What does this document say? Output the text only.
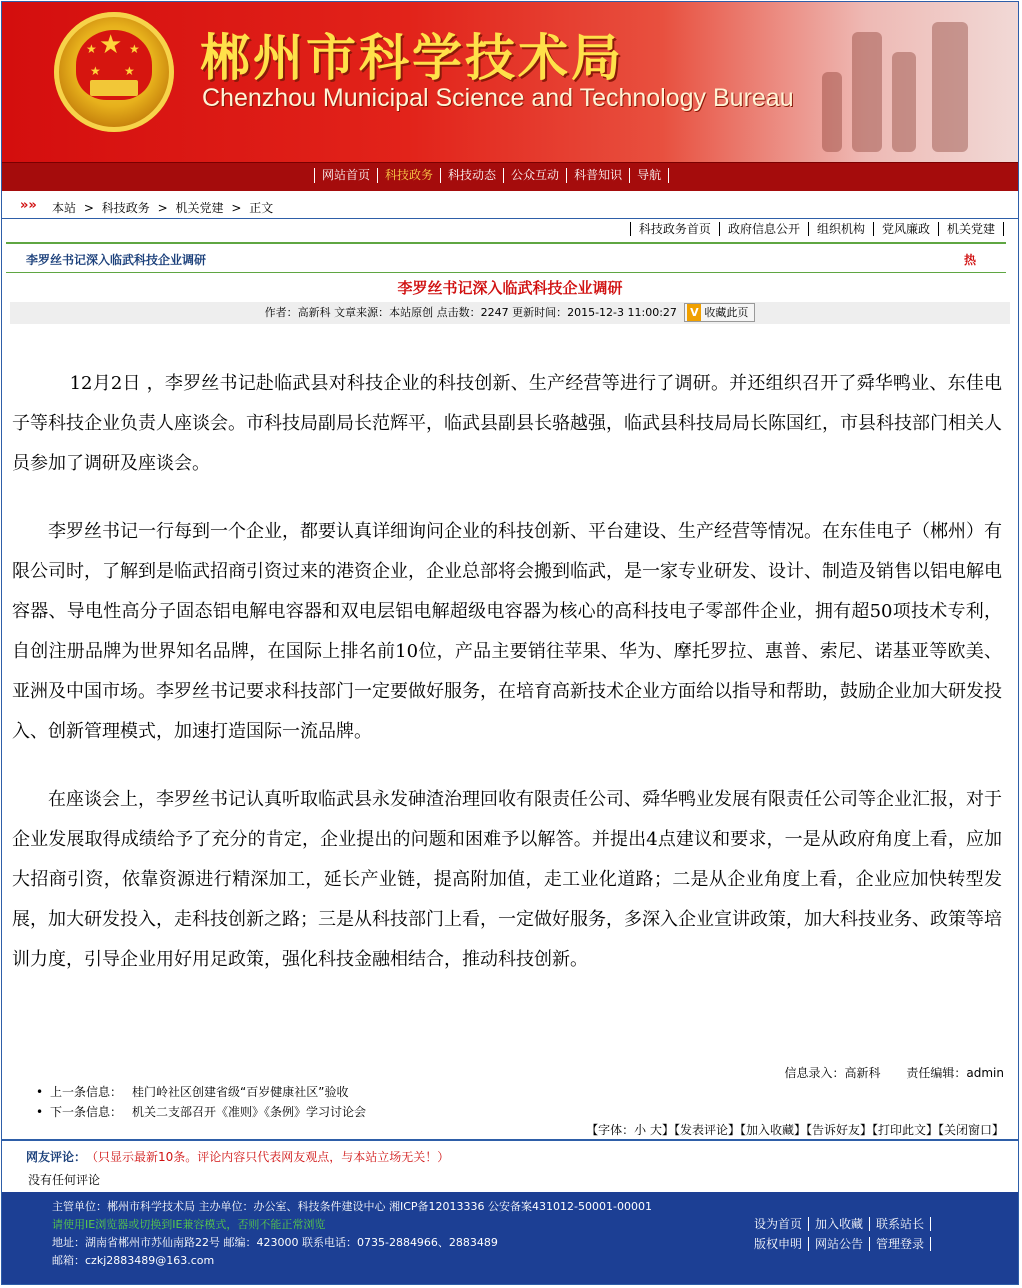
★
★	★
★ ★ 郴州市科学技术局
Chenzhou Municipal Science and Technology Bureau
网站首页	科技政务	科技动态	公众互动	科普知识	导航
»» 本站 > 科技政务 > 机关党建 > 正文
科技政务首页	政府信息公开	组织机构	党风廉政	机关党建
李罗丝书记深入临武科技企业调研	热
李罗丝书记深入临武科技企业调研
作者：高新科 文章来源：本站原创 点击数：2247 更新时间：2015-12-3 11:00:27 V 收藏此页

12月2日 ，李罗丝书记赴临武县对科技企业的科技创新、生产经营等进行了调研。并还组织召开了舜华鸭业、东佳电子等科技企业负责人座谈会。市科技局副局长范辉平，临武县副县长骆越强，临武县科技局局长陈国红，市县科技部门相关人员参加了调研及座谈会。

李罗丝书记一行每到一个企业，都要认真详细询问企业的科技创新、平台建设、生产经营等情况。在东佳电子（郴州）有限公司时，了解到是临武招商引资过来的港资企业，企业总部将会搬到临武，是一家专业研发、设计、制造及销售以铝电解电容器、导电性高分子固态铝电解电容器和双电层铝电解超级电容器为核心的高科技电子零部件企业，拥有超50项技术专利，自创注册品牌为世界知名品牌，在国际上排名前10位，产品主要销往苹果、华为、摩托罗拉、惠普、索尼、诺基亚等欧美、亚洲及中国市场。李罗丝书记要求科技部门一定要做好服务，在培育高新技术企业方面给以指导和帮助，鼓励企业加大研发投入、创新管理模式，加速打造国际一流品牌。

在座谈会上，李罗丝书记认真听取临武县永发砷渣治理回收有限责任公司、舜华鸭业发展有限责任公司等企业汇报，对于企业发展取得成绩给予了充分的肯定，企业提出的问题和困难予以解答。并提出4点建议和要求，一是从政府角度上看，应加大招商引资，依靠资源进行精深加工，延长产业链，提高附加值，走工业化道路；二是从企业角度上看，企业应加快转型发展，加大研发投入，走科技创新之路；三是从科技部门上看，一定做好服务，多深入企业宣讲政策，加大科技业务、政策等培训力度，引导企业用好用足政策，强化科技金融相结合，推动科技创新。

信息录入：高新科 责任编辑：admin
• 上一条信息： 桂门岭社区创建省级“百岁健康社区”验收
• 下一条信息： 机关二支部召开《准则》《条例》学习讨论会
【字体：小 大】【发表评论】【加入收藏】【告诉好友】【打印此文】【关闭窗口】
网友评论： （只显示最新10条。评论内容只代表网友观点，与本站立场无关！）
没有任何评论
主管单位：郴州市科学技术局 主办单位：办公室、科技条件建设中心 湘ICP备12013336 公安备案431012-50001-00001
请使用IE浏览器或切换到IE兼容模式，否则不能正常浏览
地址：湖南省郴州市苏仙南路22号 邮编：423000 联系电话：0735-2884966、2883489
邮箱：czkj2883489@163.com
设为首页 加入收藏 联系站长
版权申明 网站公告 管理登录
